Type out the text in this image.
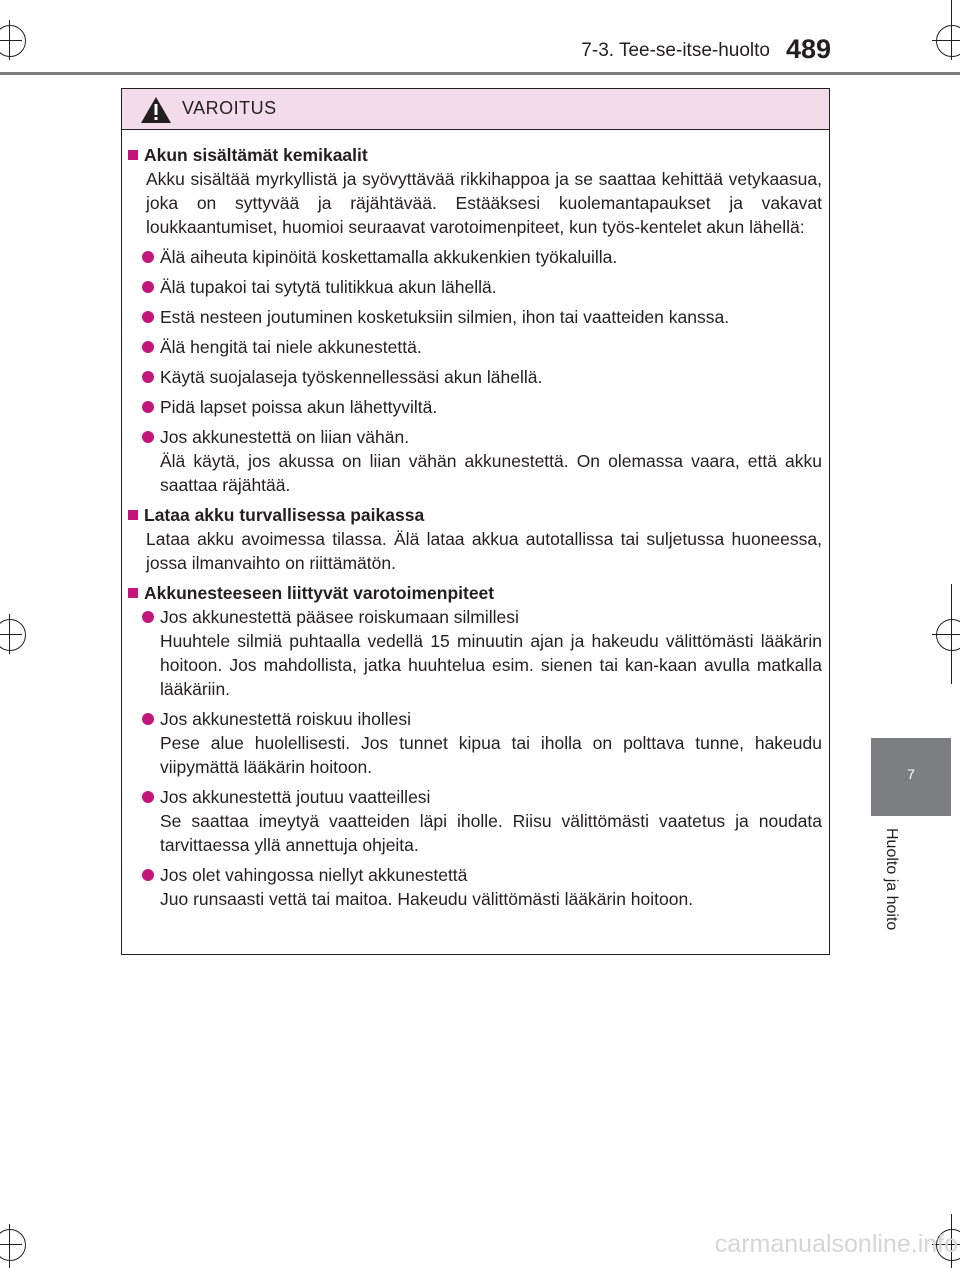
7-3. Tee-se-itse-huolto 489
VAROITUS
Akun sisältämät kemikaalit
Akku sisältää myrkyllistä ja syövyttävää rikkihappoa ja se saattaa kehittää vetykaasua, joka on syttyvää ja räjähtävää. Estääksesi kuolemantapaukset ja vakavat loukkaantumiset, huomioi seuraavat varotoimenpiteet, kun työs-kentelet akun lähellä:
Älä aiheuta kipinöitä koskettamalla akkukenkien työkaluilla.
Älä tupakoi tai sytytä tulitikkua akun lähellä.
Estä nesteen joutuminen kosketuksiin silmien, ihon tai vaatteiden kanssa.
Älä hengitä tai niele akkunestettä.
Käytä suojalaseja työskennellessäsi akun lähellä.
Pidä lapset poissa akun lähettyviltä.
Jos akkunestettä on liian vähän.
Älä käytä, jos akussa on liian vähän akkunestettä. On olemassa vaara, että akku saattaa räjähtää.
Lataa akku turvallisessa paikassa
Lataa akku avoimessa tilassa. Älä lataa akkua autotallissa tai suljetussa huoneessa, jossa ilmanvaihto on riittämätön.
Akkunesteeseen liittyvät varotoimenpiteet
Jos akkunestettä pääsee roiskumaan silmillesi
Huuhtele silmiä puhtaalla vedellä 15 minuutin ajan ja hakeudu välittömästi lääkärin hoitoon. Jos mahdollista, jatka huuhtelua esim. sienen tai kan-kaan avulla matkalla lääkäriin.
Jos akkunestettä roiskuu ihollesi
Pese alue huolellisesti. Jos tunnet kipua tai iholla on polttava tunne, hakeudu viipymättä lääkärin hoitoon.
Jos akkunestettä joutuu vaatteillesi
Se saattaa imeytyä vaatteiden läpi iholle. Riisu välittömästi vaatetus ja noudata tarvittaessa yllä annettuja ohjeita.
Jos olet vahingossa niellyt akkunestettä
Juo runsaasti vettä tai maitoa. Hakeudu välittömästi lääkärin hoitoon.
7
Huolto ja hoito
carmanualsonline.info
